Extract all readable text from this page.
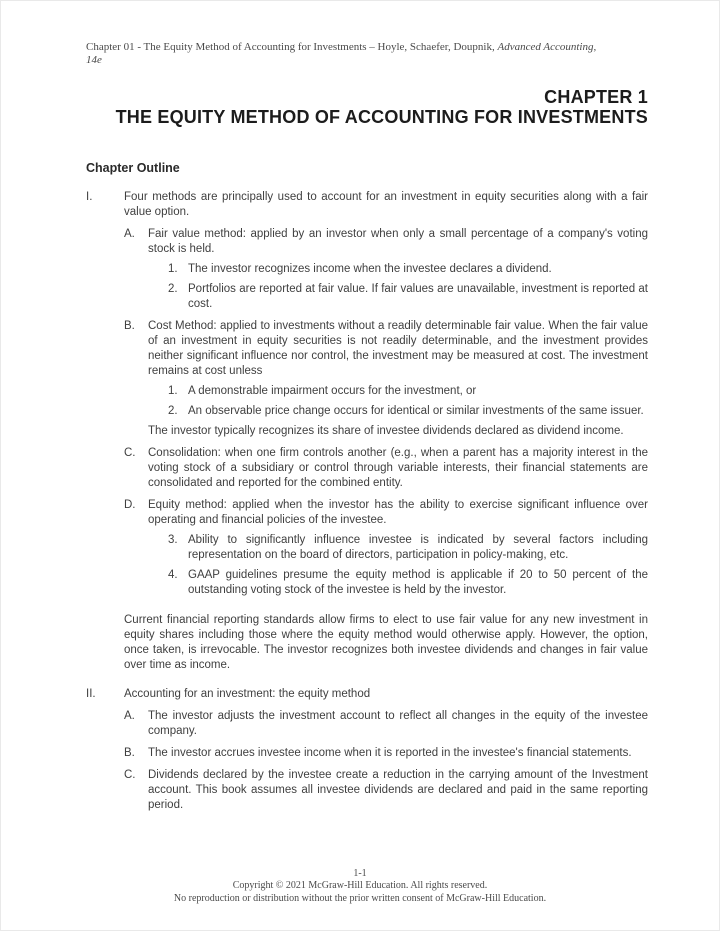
Chapter 01 - The Equity Method of Accounting for Investments – Hoyle, Schaefer, Doupnik, Advanced Accounting,
14e
CHAPTER 1
THE EQUITY METHOD OF ACCOUNTING FOR INVESTMENTS
Chapter Outline
I.	Four methods are principally used to account for an investment in equity securities along with a fair value option.
A. Fair value method: applied by an investor when only a small percentage of a company's voting stock is held.
1. The investor recognizes income when the investee declares a dividend.
2. Portfolios are reported at fair value. If fair values are unavailable, investment is reported at cost.
B. Cost Method: applied to investments without a readily determinable fair value. When the fair value of an investment in equity securities is not readily determinable, and the investment provides neither significant influence nor control, the investment may be measured at cost. The investment remains at cost unless
1. A demonstrable impairment occurs for the investment, or
2. An observable price change occurs for identical or similar investments of the same issuer.
The investor typically recognizes its share of investee dividends declared as dividend income.
C. Consolidation: when one firm controls another (e.g., when a parent has a majority interest in the voting stock of a subsidiary or control through variable interests, their financial statements are consolidated and reported for the combined entity.
D. Equity method: applied when the investor has the ability to exercise significant influence over operating and financial policies of the investee.
3. Ability to significantly influence investee is indicated by several factors including representation on the board of directors, participation in policy-making, etc.
4. GAAP guidelines presume the equity method is applicable if 20 to 50 percent of the outstanding voting stock of the investee is held by the investor.
Current financial reporting standards allow firms to elect to use fair value for any new investment in equity shares including those where the equity method would otherwise apply. However, the option, once taken, is irrevocable. The investor recognizes both investee dividends and changes in fair value over time as income.
II. Accounting for an investment: the equity method
A. The investor adjusts the investment account to reflect all changes in the equity of the investee company.
B. The investor accrues investee income when it is reported in the investee's financial statements.
C. Dividends declared by the investee create a reduction in the carrying amount of the Investment account. This book assumes all investee dividends are declared and paid in the same reporting period.
1-1
Copyright © 2021 McGraw-Hill Education. All rights reserved.
No reproduction or distribution without the prior written consent of McGraw-Hill Education.
